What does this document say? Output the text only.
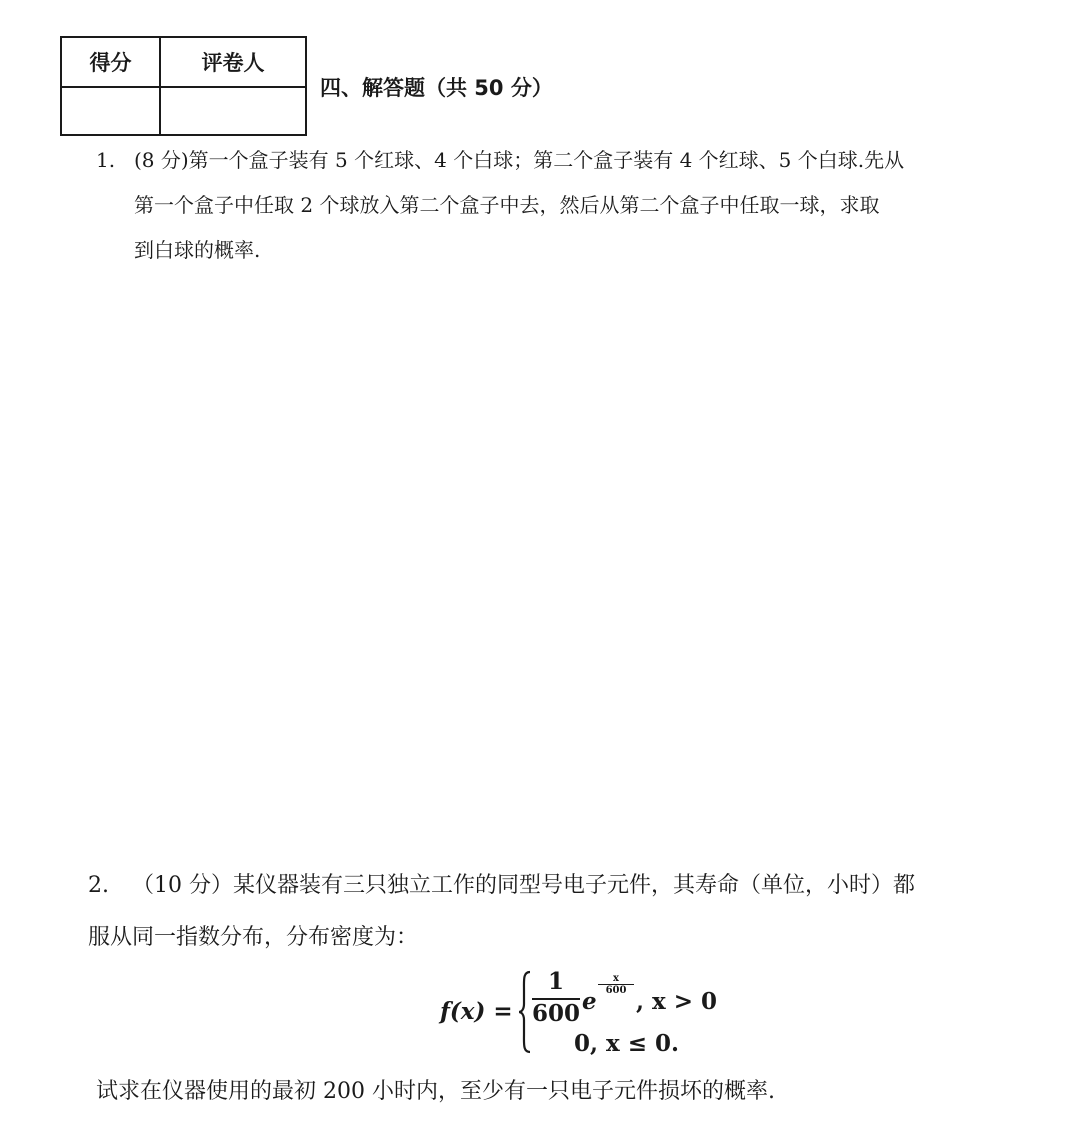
得分	评卷人

四、解答题（共 50 分）
1. (8 分)第一个盒子装有 5 个红球、4 个白球；第二个盒子装有 4 个红球、5 个白球.先从
第一个盒子中任取 2 个球放入第二个盒子中去，然后从第二个盒子中任取一球，求取
到白球的概率.
2. （10 分）某仪器装有三只独立工作的同型号电子元件，其寿命（单位，小时）都
服从同一指数分布，分布密度为：
f(x) =
1
600 e
x
600 , x > 0
0, x ≤ 0.
试求在仪器使用的最初 200 小时内，至少有一只电子元件损坏的概率.
